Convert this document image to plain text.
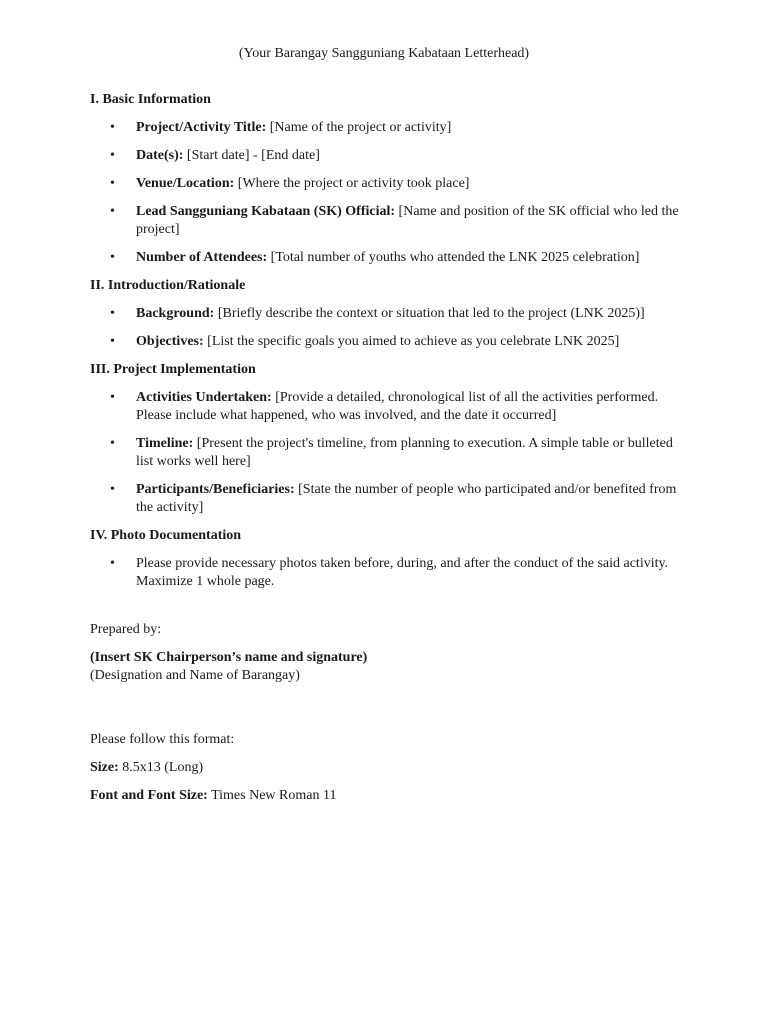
(Your Barangay Sangguniang Kabataan Letterhead)
I. Basic Information
• Project/Activity Title: [Name of the project or activity]
• Date(s): [Start date] - [End date]
• Venue/Location: [Where the project or activity took place]
• Lead Sangguniang Kabataan (SK) Official: [Name and position of the SK official who led the project]
• Number of Attendees: [Total number of youths who attended the LNK 2025 celebration]
II. Introduction/Rationale
• Background: [Briefly describe the context or situation that led to the project (LNK 2025)]
• Objectives: [List the specific goals you aimed to achieve as you celebrate LNK 2025]
III. Project Implementation
• Activities Undertaken: [Provide a detailed, chronological list of all the activities performed. Please include what happened, who was involved, and the date it occurred]
• Timeline: [Present the project's timeline, from planning to execution. A simple table or bulleted list works well here]
• Participants/Beneficiaries: [State the number of people who participated and/or benefited from the activity]
IV. Photo Documentation
• Please provide necessary photos taken before, during, and after the conduct of the said activity. Maximize 1 whole page.

Prepared by:

(Insert SK Chairperson’s name and signature)

(Designation and Name of Barangay)

Please follow this format:

Size: 8.5x13 (Long)

Font and Font Size: Times New Roman 11
